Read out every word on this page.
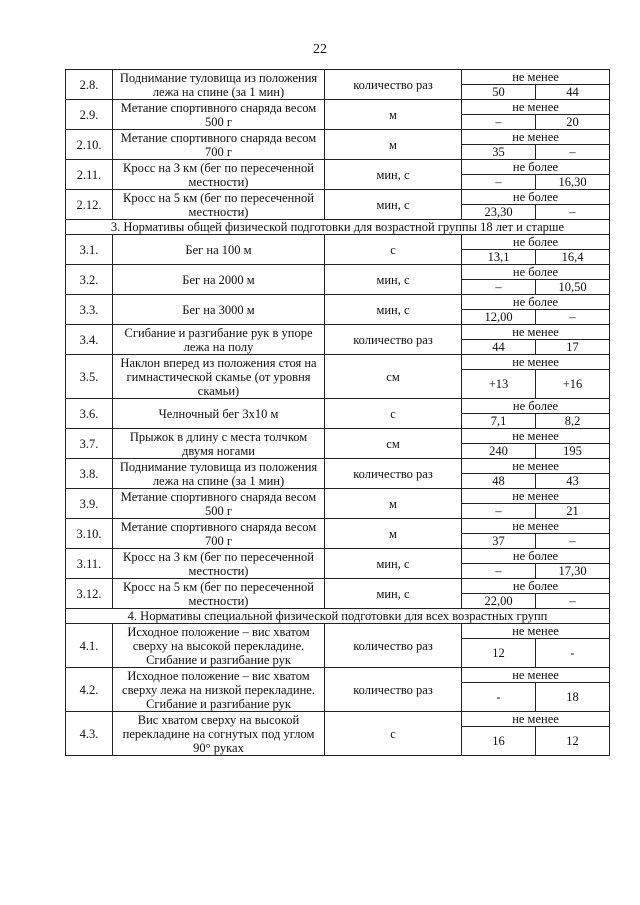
22
2.8.	Поднимание туловища из положения лежа на спине (за 1 мин)	количество раз	не менее	
			50	44
2.9.	Метание спортивного снаряда весом 500 г	м	не менее	
			–	20
2.10.	Метание спортивного снаряда весом 700 г	м	не менее	
			35	–
2.11.	Кросс на 3 км (бег по пересеченной местности)	мин, с	не более	
			–	16,30
2.12.	Кросс на 5 км (бег по пересеченной местности)	мин, с	не более	
			23,30	–
3. Нормативы общей физической подготовки для возрастной группы 18 лет и старше				
3.1.	Бег на 100 м	с	не более	
			13,1	16,4
3.2.	Бег на 2000 м	мин, с	не более	
			–	10,50
3.3.	Бег на 3000 м	мин, с	не более	
			12,00	–
3.4.	Сгибание и разгибание рук в упоре лежа на полу	количество раз	не менее	
			44	17
3.5.	Наклон вперед из положения стоя на гимнастической скамье (от уровня скамьи)	см	не менее	
			+13	+16
3.6.	Челночный бег 3x10 м	с	не более	
			7,1	8,2
3.7.	Прыжок в длину с места толчком двумя ногами	см	не менее	
			240	195
3.8.	Поднимание туловища из положения лежа на спине (за 1 мин)	количество раз	не менее	
			48	43
3.9.	Метание спортивного снаряда весом 500 г	м	не менее	
			–	21
3.10.	Метание спортивного снаряда весом 700 г	м	не менее	
			37	–
3.11.	Кросс на 3 км (бег по пересеченной местности)	мин, с	не более	
			–	17,30
3.12.	Кросс на 5 км (бег по пересеченной местности)	мин, с	не более	
			22,00	–
4. Нормативы специальной физической подготовки для всех возрастных групп				
4.1.	Исходное положение – вис хватом сверху на высокой перекладине. Сгибание и разгибание рук	количество раз	не менее	
			12	-
4.2.	Исходное положение – вис хватом сверху лежа на низкой перекладине. Сгибание и разгибание рук	количество раз	не менее	
			-	18
4.3.	Вис хватом сверху на высокой перекладине на согнутых под углом 90° руках	с	не менее	
			16	12
